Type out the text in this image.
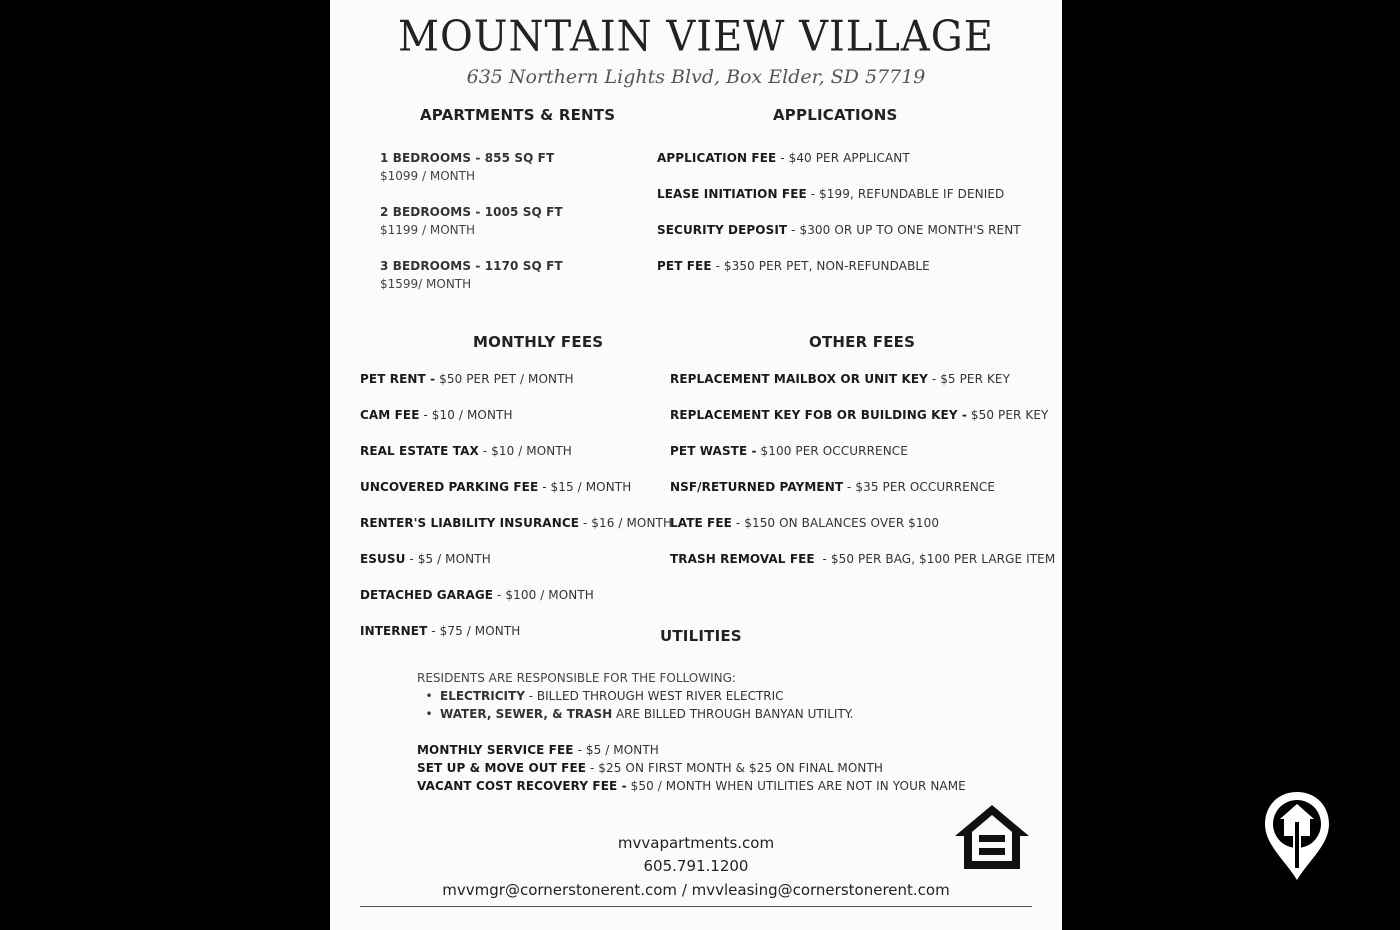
MOUNTAIN VIEW VILLAGE
635 Northern Lights Blvd, Box Elder, SD 57719
APARTMENTS & RENTS
1 BEDROOMS - 855 SQ FT
$1099 / MONTH
2 BEDROOMS - 1005 SQ FT
$1199 / MONTH
3 BEDROOMS - 1170 SQ FT
$1599/ MONTH
APPLICATIONS
APPLICATION FEE - $40 PER APPLICANT
LEASE INITIATION FEE - $199, REFUNDABLE IF DENIED
SECURITY DEPOSIT - $300 OR UP TO ONE MONTH'S RENT
PET FEE - $350 PER PET, NON-REFUNDABLE
MONTHLY FEES
PET RENT - $50 PER PET / MONTH
CAM FEE - $10 / MONTH
REAL ESTATE TAX - $10 / MONTH
UNCOVERED PARKING FEE - $15 / MONTH
RENTER'S LIABILITY INSURANCE - $16 / MONTH
ESUSU - $5 / MONTH
DETACHED GARAGE - $100 / MONTH
INTERNET - $75 / MONTH
OTHER FEES
REPLACEMENT MAILBOX OR UNIT KEY - $5 PER KEY
REPLACEMENT KEY FOB OR BUILDING KEY - $50 PER KEY
PET WASTE - $100 PER OCCURRENCE
NSF/RETURNED PAYMENT - $35 PER OCCURRENCE
LATE FEE - $150 ON BALANCES OVER $100
TRASH REMOVAL FEE  - $50 PER BAG, $100 PER LARGE ITEM
UTILITIES
RESIDENTS ARE RESPONSIBLE FOR THE FOLLOWING:
• ELECTRICITY - BILLED THROUGH WEST RIVER ELECTRIC
• WATER, SEWER, & TRASH ARE BILLED THROUGH BANYAN UTILITY.
MONTHLY SERVICE FEE - $5 / MONTH
SET UP & MOVE OUT FEE - $25 ON FIRST MONTH & $25 ON FINAL MONTH
VACANT COST RECOVERY FEE - $50 / MONTH WHEN UTILITIES ARE NOT IN YOUR NAME
mvvapartments.com
605.791.1200
mvvmgr@cornerstonerent.com / mvvleasing@cornerstonerent.com
